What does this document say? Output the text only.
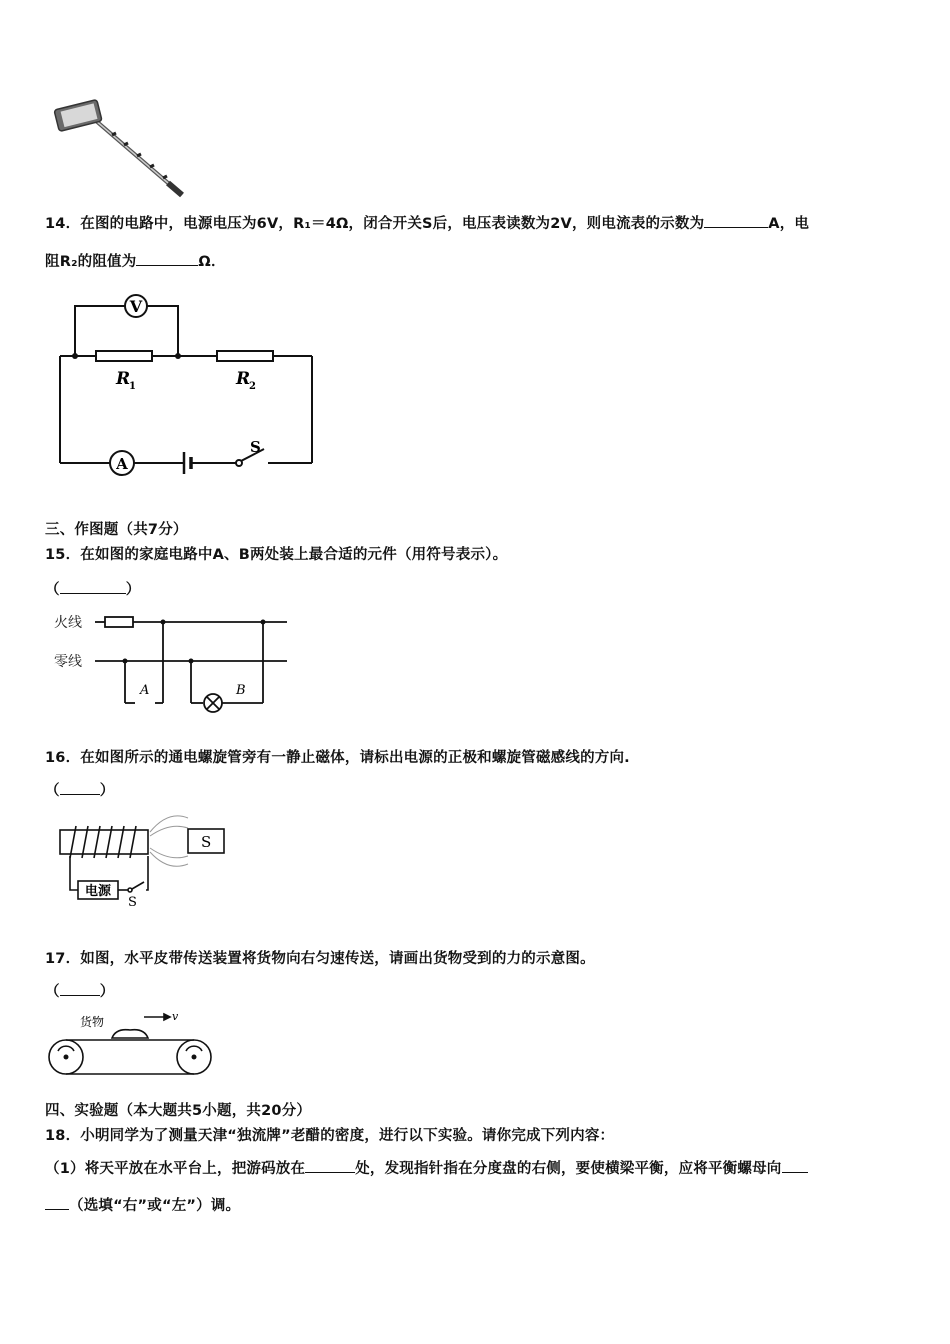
14．在图的电路中，电源电压为6V，R₁＝4Ω，闭合开关S后，电压表读数为2V，则电流表的示数为	A，电
阻R₂的阻值为	Ω．
V
A
R
1	R
2
S
三、作图题（共7分）
15．在如图的家庭电路中A、B两处装上最合适的元件（用符号表示）。
（	）
火线
零线
A	B
16．在如图所示的通电螺旋管旁有一静止磁体，请标出电源的正极和螺旋管磁感线的方向.
（	）
S
电源
S
17．如图，水平皮带传送装置将货物向右匀速传送，请画出货物受到的力的示意图。
（	）
货物	v
四、实验题（本大题共5小题，共20分）
18．小明同学为了测量天津“独流牌”老醋的密度，进行以下实验。请你完成下列内容：
（1）将天平放在水平台上，把游码放在	处，发现指针指在分度盘的右侧，要使横梁平衡，应将平衡螺母向
（选填“右”或“左”）调。
